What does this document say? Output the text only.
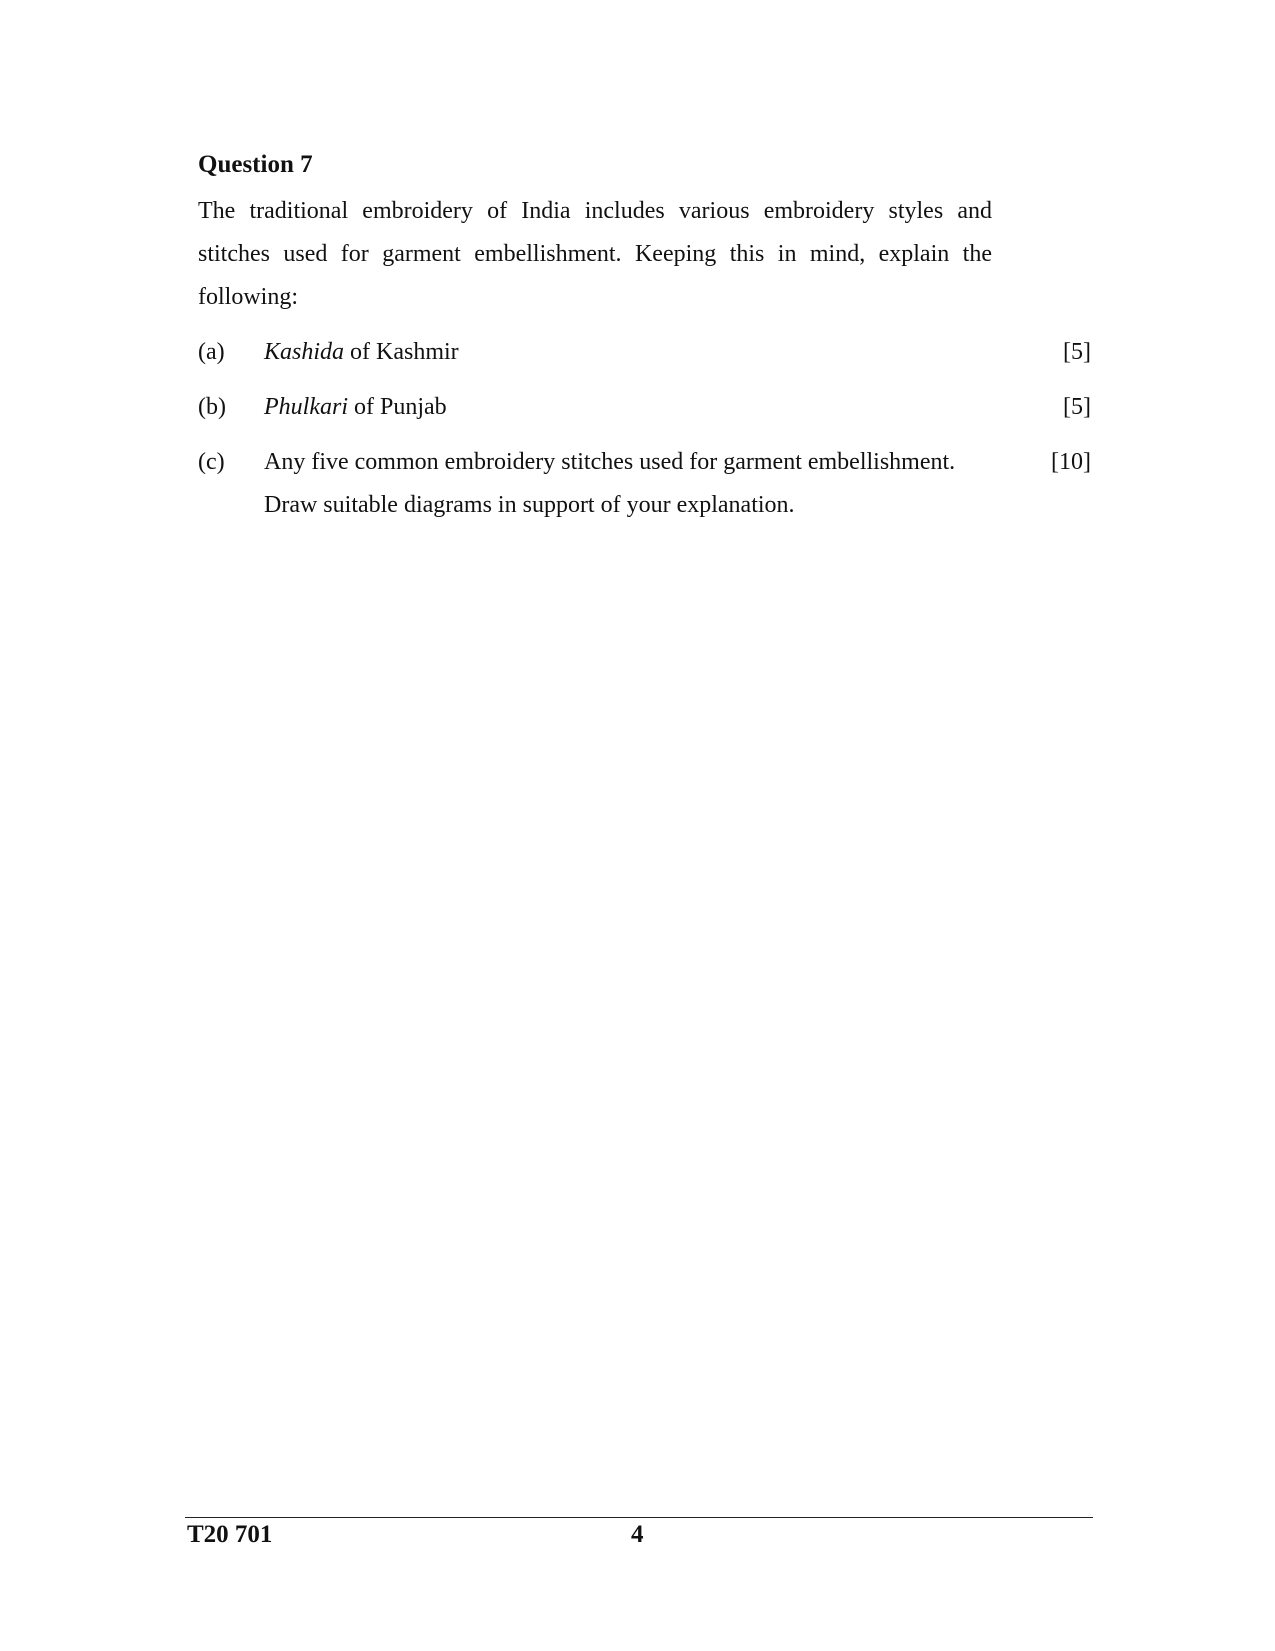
Question 7

The traditional embroidery of India includes various embroidery styles and stitches used for garment embellishment. Keeping this in mind, explain the following:

(a) Kashida of Kashmir	[5]
(b) Phulkari of Punjab	[5]
(c) Any five common embroidery stitches used for garment embellishment.
Draw suitable diagrams in support of your explanation.
[10]
T20 701	4
